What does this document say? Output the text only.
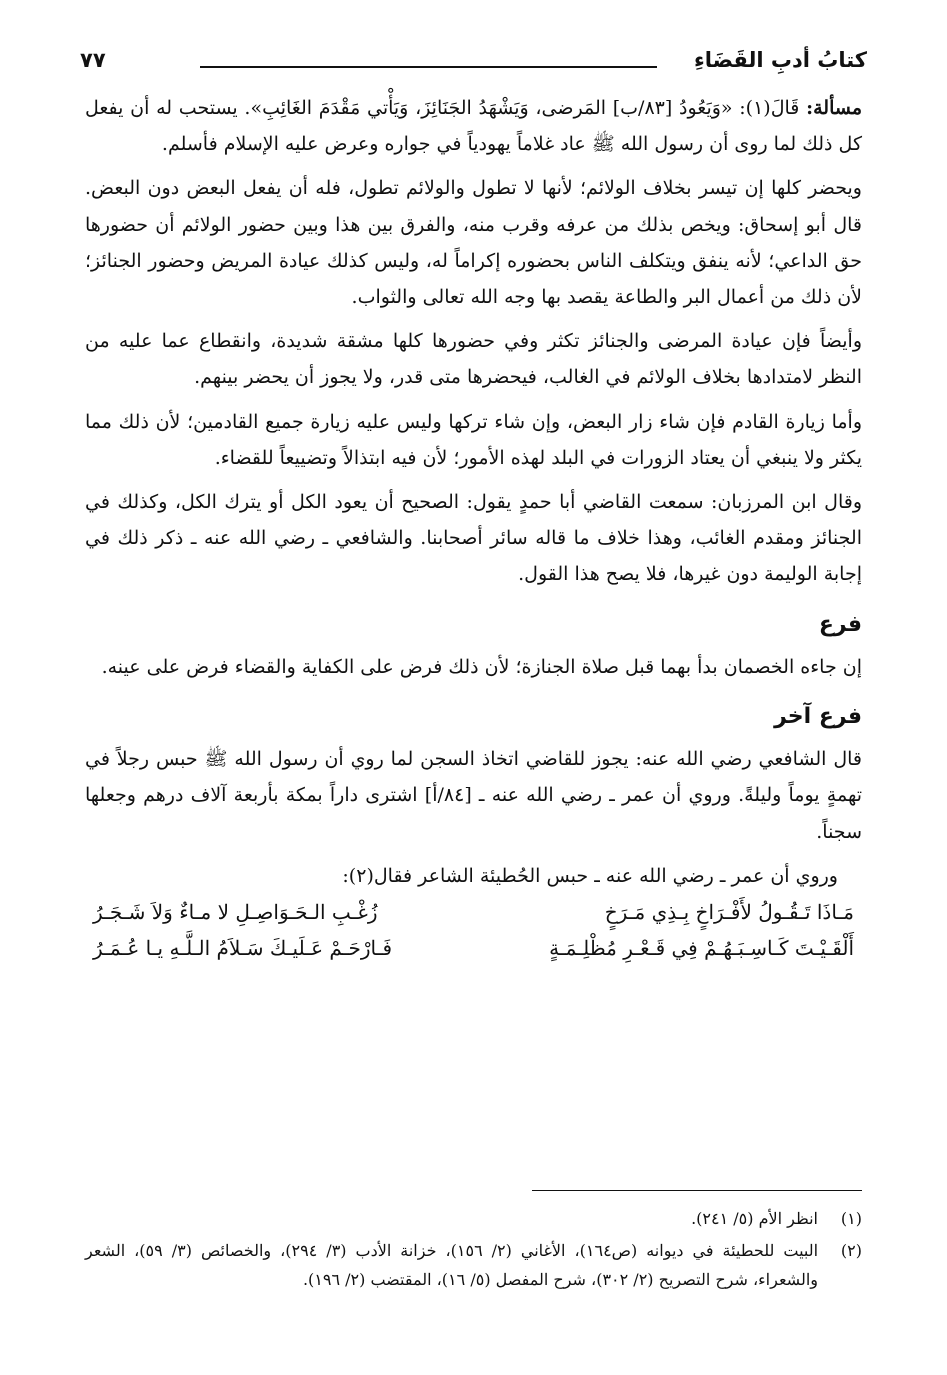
كتابُ أدبِ القَضَاءِ
٧٧

مسألة: قَالَ(١): «وَيَعُودُ [٨٣/ب] المَرضى، وَيَشْهَدُ الجَنَائِزَ، وَيَأْتي مَقْدَمَ الغَائِبِ». يستحب له أن يفعل كل ذلك لما روى أن رسول الله ﷺ عاد غلاماً يهودياً في جواره وعرض عليه الإسلام فأسلم.

ويحضر كلها إن تيسر بخلاف الولائم؛ لأنها لا تطول والولائم تطول، فله أن يفعل البعض دون البعض. قال أبو إسحاق: ويخص بذلك من عرفه وقرب منه، والفرق بين هذا وبين حضور الولائم أن حضورها حق الداعي؛ لأنه ينفق ويتكلف الناس بحضوره إكراماً له، وليس كذلك عيادة المريض وحضور الجنائز؛ لأن ذلك من أعمال البر والطاعة يقصد بها وجه الله تعالى والثواب.

وأيضاً فإن عيادة المرضى والجنائز تكثر وفي حضورها كلها مشقة شديدة، وانقطاع عما عليه من النظر لامتدادها بخلاف الولائم في الغالب، فيحضرها متى قدر، ولا يجوز أن يحضر بينهم.

وأما زيارة القادم فإن شاء زار البعض، وإن شاء تركها وليس عليه زيارة جميع القادمين؛ لأن ذلك مما يكثر ولا ينبغي أن يعتاد الزورات في البلد لهذه الأمور؛ لأن فيه ابتذالاً وتضييعاً للقضاء.

وقال ابن المرزبان: سمعت القاضي أبا حمدٍ يقول: الصحيح أن يعود الكل أو يترك الكل، وكذلك في الجنائز ومقدم الغائب، وهذا خلاف ما قاله سائر أصحابنا. والشافعي ـ رضي الله عنه ـ ذكر ذلك في إجابة الوليمة دون غيرها، فلا يصح هذا القول.

فرع

إن جاءه الخصمان بدأ بهما قبل صلاة الجنازة؛ لأن ذلك فرض على الكفاية والقضاء فرض على عينه.

فرع آخر

قال الشافعي رضي الله عنه: يجوز للقاضي اتخاذ السجن لما روي أن رسول الله ﷺ حبس رجلاً في تهمةٍ يوماً وليلةً. وروي أن عمر ـ رضي الله عنه ـ [٨٤/أ] اشترى داراً بمكة بأربعة آلاف درهم وجعلها سجناً.

وروي أن عمر ـ رضي الله عنه ـ حبس الحُطيئة الشاعر فقال(٢):

مَـاذَا تَـقُـولُ لأَفْـرَاخٍ بِـذِي مَـرَخٍ
زُغْـبِ الـحَـوَاصِـلِ لا مـاءٌ وَلاَ شَـجَـرُ
أَلْقَـيْـتَ كَـاسِـبَـهُـمْ فِي قَـعْـرِ مُظْلِـمَـةٍ
فَـارْحَـمْ عَـلَيـكَ سَـلاَمُ الـلَّـهِ يـا عُـمَـرُ
(١)
انظر الأم (٥/ ٢٤١).
(٢)
البيت للحطيئة في ديوانه (ص١٦٤)، الأغاني (٢/ ١٥٦)، خزانة الأدب (٣/ ٢٩٤)، والخصائص (٣/ ٥٩)، الشعر والشعراء، شرح التصريح (٢/ ٣٠٢)، شرح المفصل (٥/ ١٦)، المقتضب (٢/ ١٩٦).
